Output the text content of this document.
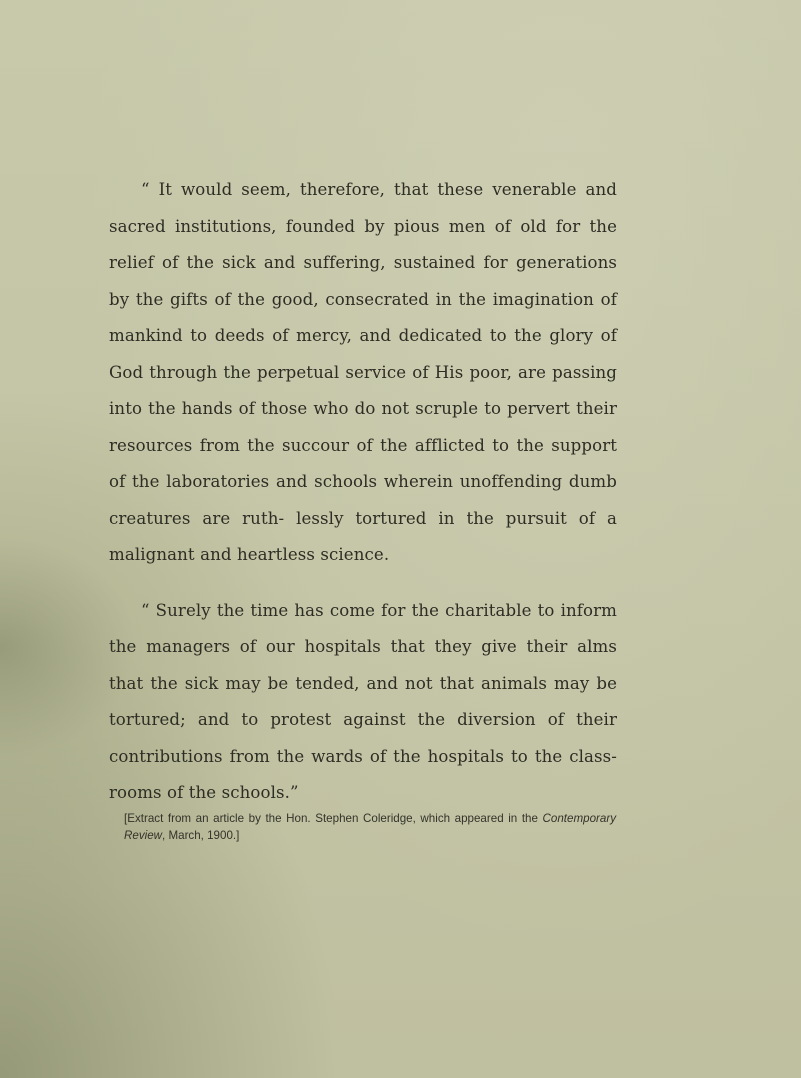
“ It would seem, therefore, that these venerable and sacred institutions, founded by pious men of old for the relief of the sick and suffering, sustained for generations by the gifts of the good, consecrated in the imagination of mankind to deeds of mercy, and dedicated to the glory of God through the perpetual service of His poor, are passing into the hands of those who do not scruple to pervert their resources from the succour of the afflicted to the support of the laboratories and schools wherein unoffending dumb creatures are ruth- lessly tortured in the pursuit of a malignant and heartless science.

“ Surely the time has come for the charitable to inform the managers of our hospitals that they give their alms that the sick may be tended, and not that animals may be tortured; and to protest against the diversion of their contributions from the wards of the hospitals to the class- rooms of the schools.”

[Extract from an article by the Hon. Stephen Coleridge, which appeared in the Contemporary Review, March, 1900.]
